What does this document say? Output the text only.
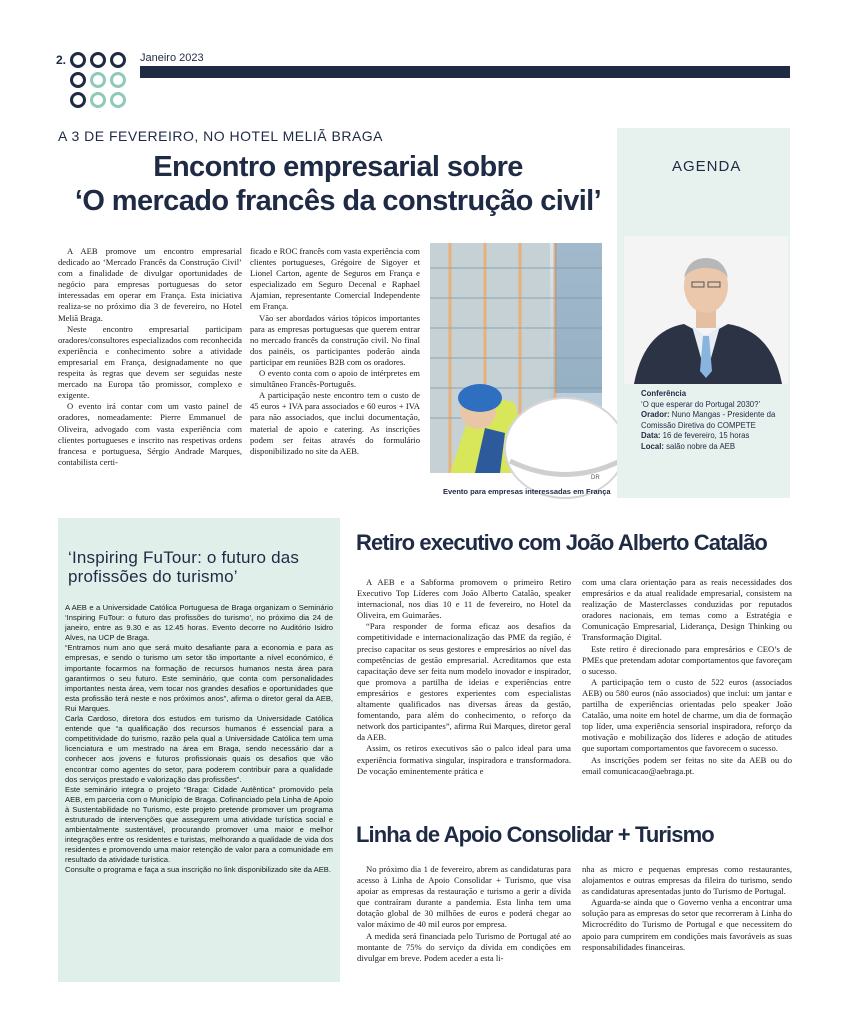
2.
aeb
Janeiro 2023
A 3 DE FEVEREIRO, NO HOTEL MELIÃ BRAGA
Encontro empresarial sobre
‘O mercado francês da construção civil’

A AEB promove um encontro empresarial dedicado ao ‘Mercado Francês da Construção Civil’ com a finalidade de divulgar oportunidades de negócio para empresas portuguesas do setor interessadas em operar em França. Esta iniciativa realiza-se no próximo dia 3 de fevereiro, no Hotel Meliã Braga.

Neste encontro empresarial participam oradores/consultores especializados com reconhecida experiência e conhecimento sobre a atividade empresarial em França, designadamente no que respeita às regras que devem ser seguidas neste mercado na Europa tão promissor, complexo e exigente.

O evento irá contar com um vasto painel de oradores, nomeadamente: Pierre Emmanuel de Oliveira, advogado com vasta experiência com clientes portugueses e inscrito nas respetivas ordens francesa e portuguesa, Sérgio Andrade Marques, contabilista certi-

ficado e ROC francês com vasta experiência com clientes portugueses, Grégoire de Sigoyer et Lionel Carton, agente de Seguros em França e especializado em Seguro Decenal e Raphael Ajamian, representante Comercial Independente em França.

Vão ser abordados vários tópicos importantes para as empresas portuguesas que querem entrar no mercado francês da construção civil. No final dos painéis, os participantes poderão ainda participar em reuniões B2B com os oradores.

O evento conta com o apoio de intérpretes em simultâneo Francês-Português.

A participação neste encontro tem o custo de 45 euros + IVA para associados e 60 euros + IVA para não associados, que inclui documentação, material de apoio e catering. As inscrições podem ser feitas através do formulário disponibilizado no site da AEB.

DR
Evento para empresas interessadas em França
AGENDA
Conferência
‘O que esperar do Portugal 2030?’
Orador: Nuno Mangas - Presidente da Comissão Diretiva do COMPETE
Data: 16 de fevereiro, 15 horas
Local: salão nobre da AEB
‘Inspiring FuTour: o futuro das profissões do turismo’

A AEB e a Universidade Católica Portuguesa de Braga organizam o Seminário ‘Inspiring FuTour: o futuro das profissões do turismo’, no próximo dia 24 de janeiro, entre as 9.30 e as 12.45 horas. Evento decorre no Auditório Isidro Alves, na UCP de Braga.

“Entramos num ano que será muito desafiante para a economia e para as empresas, e sendo o turismo um setor tão importante a nível económico, é importante focarmos na formação de recursos humanos nesta área para garantirmos o seu futuro. Este seminário, que conta com personalidades importantes nesta área, vem tocar nos grandes desafios e oportunidades que esta profissão terá neste e nos próximos anos”, afirma o diretor geral da AEB, Rui Marques.

Carla Cardoso, diretora dos estudos em turismo da Universidade Católica entende que “a qualificação dos recursos humanos é essencial para a competitividade do turismo, razão pela qual a Universidade Católica tem uma licenciatura e um mestrado na área em Braga, sendo necessário dar a conhecer aos jovens e futuros profissionais quais os desafios que vão encontrar como agentes do setor, para poderem contribuir para a qualidade dos serviços prestado e valorização das profissões”.

Este seminário integra o projeto “Braga: Cidade Autêntica” promovido pela AEB, em parceria com o Município de Braga. Cofinanciado pela Linha de Apoio à Sustentabilidade no Turismo, este projeto pretende promover um programa estruturado de intervenções que assegurem uma atividade turística social e ambientalmente sustentável, procurando promover uma maior e melhor integrações entre os residentes e turistas, melhorando a qualidade de vida dos residentes e promovendo uma maior retenção de valor para a comunidade em resultado da atividade turística.

Consulte o programa e faça a sua inscrição no link disponibilizado site da AEB.

Retiro executivo com João Alberto Catalão

A AEB e a Sabforma promovem o primeiro Retiro Executivo Top Líderes com João Alberto Catalão, speaker internacional, nos dias 10 e 11 de fevereiro, no Hotel da Oliveira, em Guimarães.

“Para responder de forma eficaz aos desafios da competitividade e internacionalização das PME da região, é preciso capacitar os seus gestores e empresários ao nível das competências de gestão empresarial. Acreditamos que esta capacitação deve ser feita num modelo inovador e inspirador, que promova a partilha de ideias e experiências entre empresários e gestores experientes com especialistas altamente qualificados nas diversas áreas da gestão, fomentando, para além do conhecimento, o reforço da network dos participantes”, afirma Rui Marques, diretor geral da AEB.

Assim, os retiros executivos são o palco ideal para uma experiência formativa singular, inspiradora e transformadora. De vocação eminentemente prática e

com uma clara orientação para as reais necessidades dos empresários e da atual realidade empresarial, consistem na realização de Masterclasses conduzidas por reputados oradores nacionais, em temas como a Estratégia e Comunicação Empresarial, Liderança, Design Thinking ou Transformação Digital.

Este retiro é direcionado para empresários e CEO’s de PMEs que pretendam adotar comportamentos que favoreçam o sucesso.

A participação tem o custo de 522 euros (associados AEB) ou 580 euros (não associados) que inclui: um jantar e partilha de experiências orientadas pelo speaker João Catalão, uma noite em hotel de charme, um dia de formação top líder, uma experiência sensorial inspiradora, reforço da motivação e mobilização dos líderes e adoção de atitudes que suportam comportamentos que favorecem o sucesso.

As inscrições podem ser feitas no site da AEB ou do email comunicacao@aebraga.pt.

Linha de Apoio Consolidar + Turismo

No próximo dia 1 de fevereiro, abrem as candidaturas para acesso à Linha de Apoio Consolidar + Turismo, que visa apoiar as empresas da restauração e turismo a gerir a dívida que contraíram durante a pandemia. Esta linha tem uma dotação global de 30 milhões de euros e poderá chegar ao valor máximo de 40 mil euros por empresa.

A medida será financiada pelo Turismo de Portugal até ao montante de 75% do serviço da dívida em condições em divulgar em breve. Podem aceder a esta li-

nha as micro e pequenas empresas como restaurantes, alojamentos e outras empresas da fileira do turismo, sendo as candidaturas apresentadas junto do Turismo de Portugal.

Aguarda-se ainda que o Governo venha a encontrar uma solução para as empresas do setor que recorreram à Linha do Microcrédito do Turismo de Portugal e que necessitem do apoio para cumprirem em condições mais favoráveis as suas responsabilidades financeiras.
